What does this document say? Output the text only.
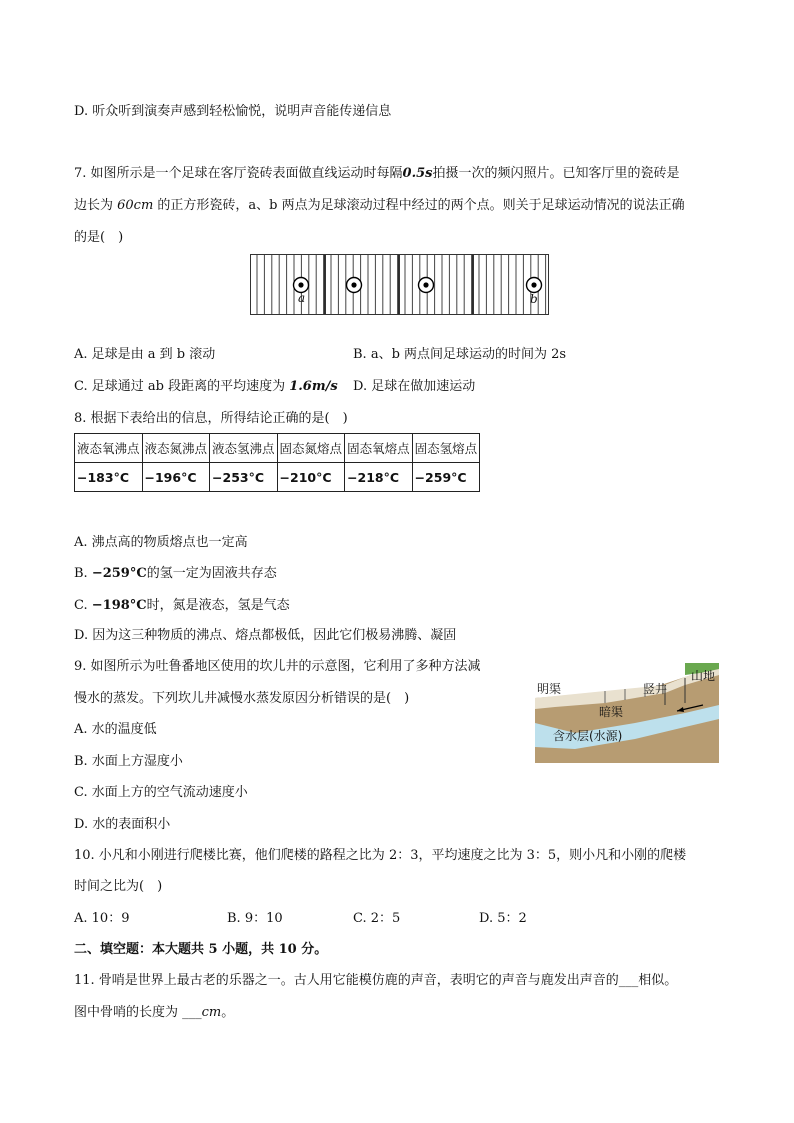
D. 听众听到演奏声感到轻松愉悦，说明声音能传递信息
7. 如图所示是一个足球在客厅瓷砖表面做直线运动时每隔0.5s拍摄一次的频闪照片。已知客厅里的瓷砖是
边长为 60cm 的正方形瓷砖，a、b 两点为足球滚动过程中经过的两个点。则关于足球运动情况的说法正确
的是(　)
a	b
A. 足球是由 a 到 b 滚动	B. a、b 两点间足球运动的时间为 2s
C. 足球通过 ab 段距离的平均速度为 1.6m/s D. 足球在做加速运动
8. 根据下表给出的信息，所得结论正确的是(　)
液态氧沸点	液态氮沸点	液态氢沸点	固态氮熔点	固态氧熔点	固态氢熔点
−183°C	−196°C	−253°C	−210°C	−218°C	−259°C
A. 沸点高的物质熔点也一定高
B. −259°C的氢一定为固液共存态
C. −198°C时，氮是液态，氢是气态
D. 因为这三种物质的沸点、熔点都极低，因此它们极易沸腾、凝固
9. 如图所示为吐鲁番地区使用的坎儿井的示意图，它利用了多种方法减
慢水的蒸发。下列坎儿井减慢水蒸发原因分析错误的是(　)
明渠	竖井
山地
暗渠
含水层(水源)
A. 水的温度低
B. 水面上方湿度小
C. 水面上方的空气流动速度小
D. 水的表面积小
10. 小凡和小刚进行爬楼比赛，他们爬楼的路程之比为 2：3，平均速度之比为 3：5，则小凡和小刚的爬楼
时间之比为(　)
A. 10：9	B. 9：10	C. 2：5	D. 5：2
二、填空题：本大题共 5 小题，共 10 分。
11. 骨哨是世界上最古老的乐器之一。古人用它能模仿鹿的声音，表明它的声音与鹿发出声音的___相似。
图中骨哨的长度为 ___cm。
